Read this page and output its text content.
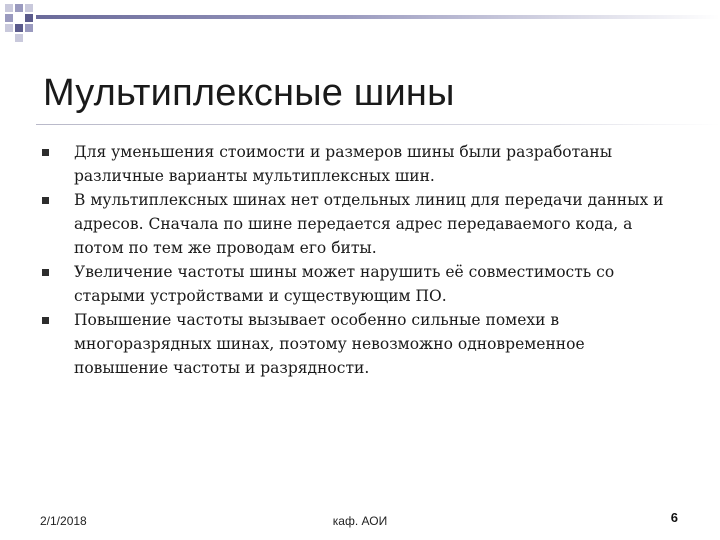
Мультиплексные шины
Для уменьшения стоимости и размеров шины были разработаны различные варианты мультиплексных шин.
В мультиплексных шинах нет отдельных линиц для передачи данных и адресов. Сначала по шине передается адрес передаваемого кода, а потом по тем же проводам его биты.
Увеличение частоты шины может нарушить её совместимость со старыми устройствами и существующим ПО.
Повышение частоты вызывает особенно сильные помехи в многоразрядных шинах, поэтому невозможно одновременное повышение частоты и разрядности.
2/1/2018	каф. АОИ	6
